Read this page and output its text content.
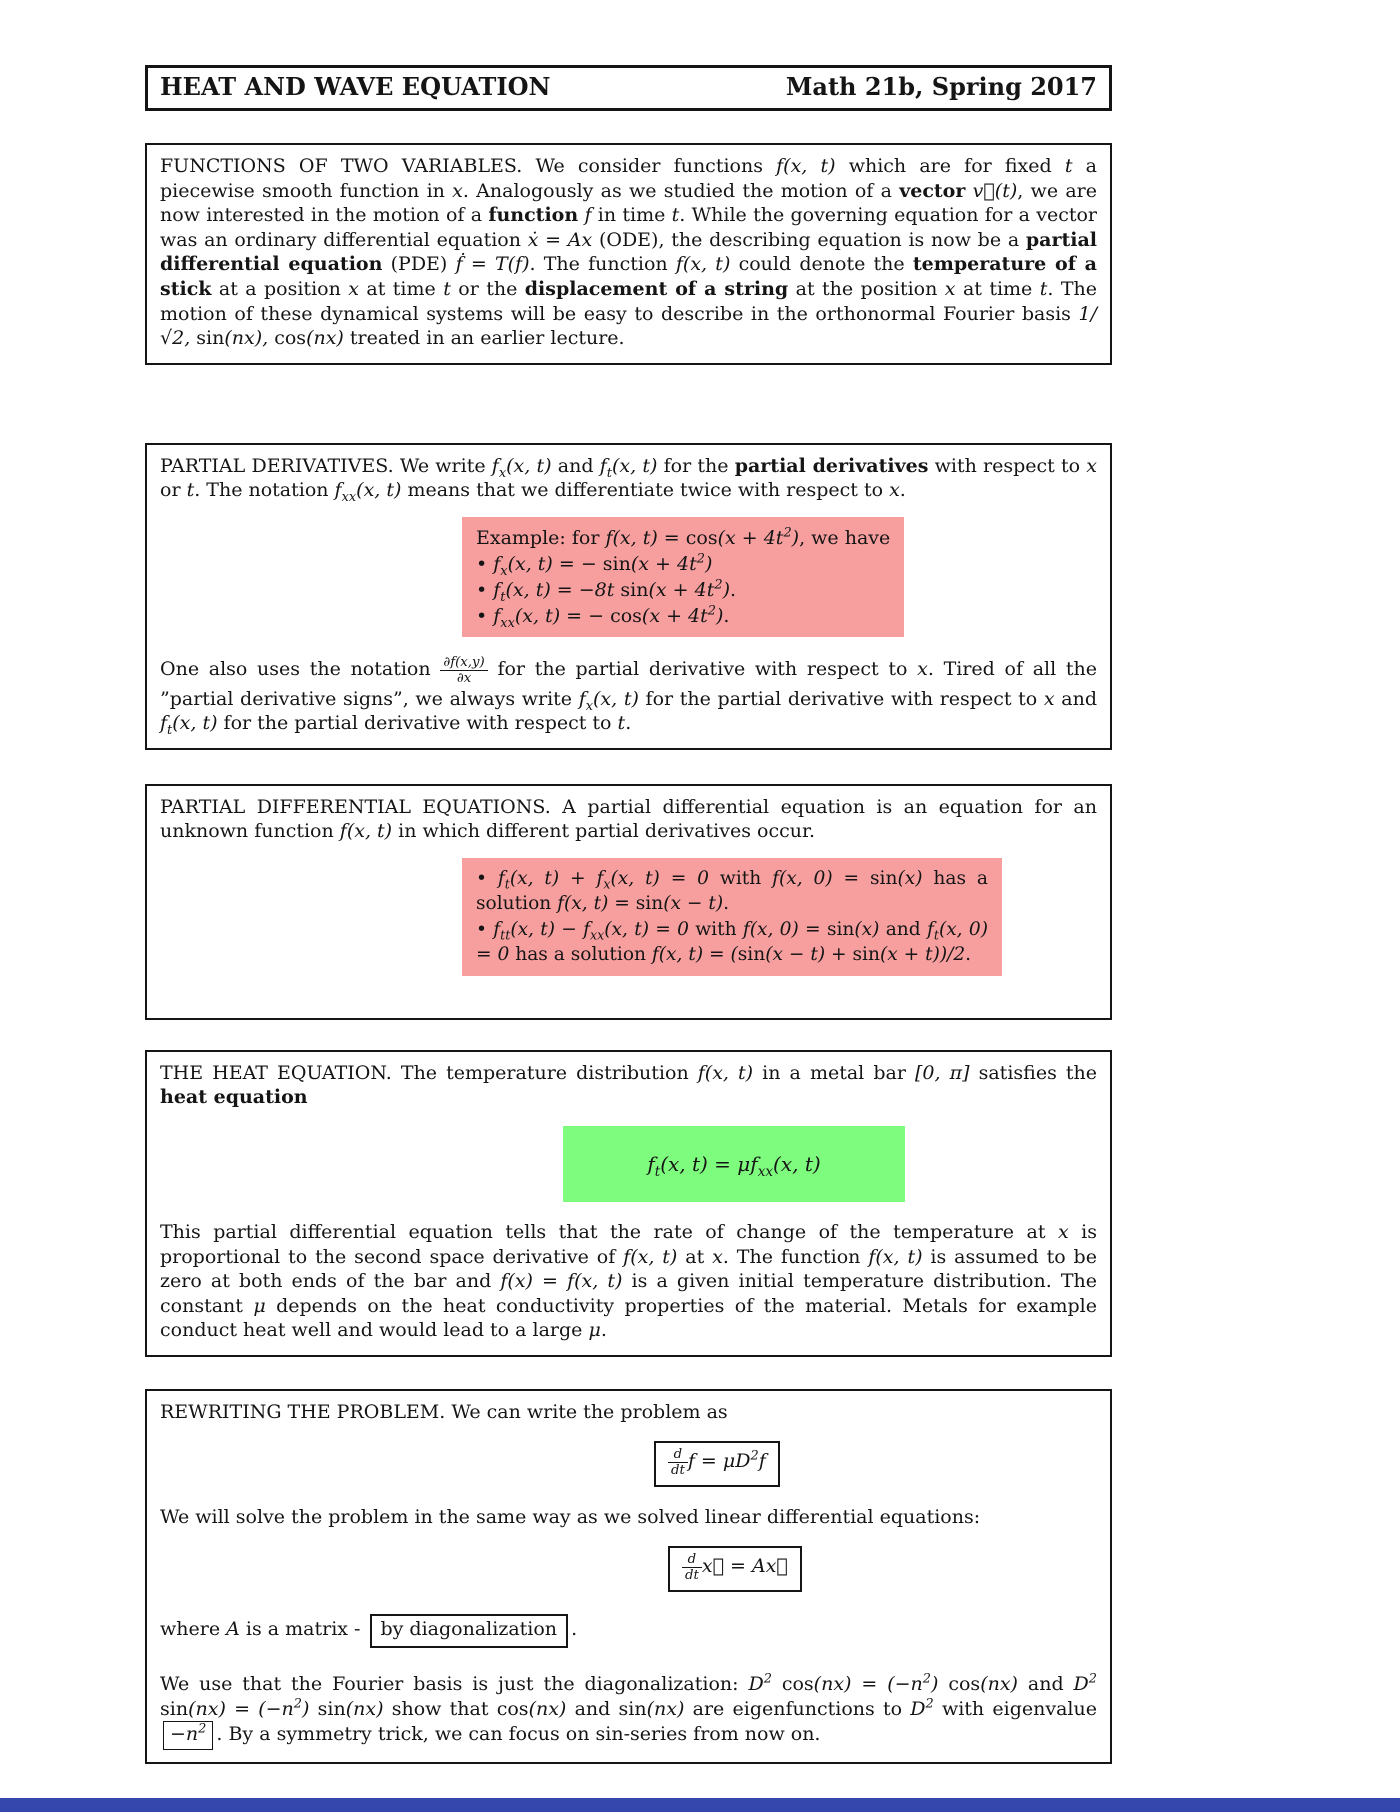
HEAT AND WAVE EQUATION	Math 21b, Spring 2017

FUNCTIONS OF TWO VARIABLES. We consider functions f(x, t) which are for fixed t a piecewise smooth function in x. Analogously as we studied the motion of a vector v⃗(t), we are now interested in the motion of a function f in time t. While the governing equation for a vector was an ordinary differential equation ẋ = Ax (ODE), the describing equation is now be a partial differential equation (PDE) ḟ = T(f). The function f(x, t) could denote the temperature of a stick at a position x at time t or the displacement of a string at the position x at time t. The motion of these dynamical systems will be easy to describe in the orthonormal Fourier basis 1/√2, sin(nx), cos(nx) treated in an earlier lecture.

PARTIAL DERIVATIVES. We write $f_x(x$, t) and $f_t(x$, t) for the partial derivatives with respect to x or t. The notation $f_{xx}(x$, t) means that we differentiate twice with respect to x.

Example: for f(x, $t) = \cos(x + 4t^2)$, we have
• $f_x(x$, t) = − $\sin(x + 4t^2)$
• $f_t(x$, t) = −8t $\sin(x + 4t^2)$.
• $f_{xx}(x$, t) = − $\cos(x + 4t^2)$.

One also uses the notation $\frac{\partial f(x,y)}{\partial x}$ for the partial derivative with respect to x. Tired of all the ”partial derivative signs”, we always write $f_x(x$, t) for the partial derivative with respect to x and $f_t(x$, t) for the partial derivative with respect to t.

PARTIAL DIFFERENTIAL EQUATIONS. A partial differential equation is an equation for an unknown function f(x, t) in which different partial derivatives occur.

• $f_t(x$, $t) + f_x(x$, t) = 0 with f(x, 0) = sin(x) has a solution f(x, t) = sin(x − t).
• $f_{tt}(x$, $t) - f_{xx}(x$, t) = 0 with f(x, 0) = sin(x) and $f_t(x$, 0) = 0 has a solution f(x, t) = (sin(x − t) + sin(x + t))/2.

THE HEAT EQUATION. The temperature distribution f(x, t) in a metal bar [0, π] satisfies the heat equation

$f_t(x$, $t) = \mu f_{xx}(x$, t)

This partial differential equation tells that the rate of change of the temperature at x is proportional to the second space derivative of f(x, t) at x. The function f(x, t) is assumed to be zero at both ends of the bar and f(x) = f(x, t) is a given initial temperature distribution. The constant μ depends on the heat conductivity properties of the material. Metals for example conduct heat well and would lead to a large μ.

REWRITING THE PROBLEM. We can write the problem as

$\frac{d}{dt}$ $f = \mu D^2f$

We will solve the problem in the same way as we solved linear differential equations:

$\frac{d}{dt}$ x⃗ = Ax⃗

where A is a matrix - by diagonalization .

We use that the Fourier basis is just the diagonalization: $D^2$ $\cos(nx) = (-n^2)$ cos(nx) and $D^2$ $\sin(nx) = (-n^2)$ sin(nx) show that cos(nx) and sin(nx) are eigenfunctions to $D^2$ with eigenvalue $-n^2$ . By a symmetry trick, we can focus on sin-series from now on.
